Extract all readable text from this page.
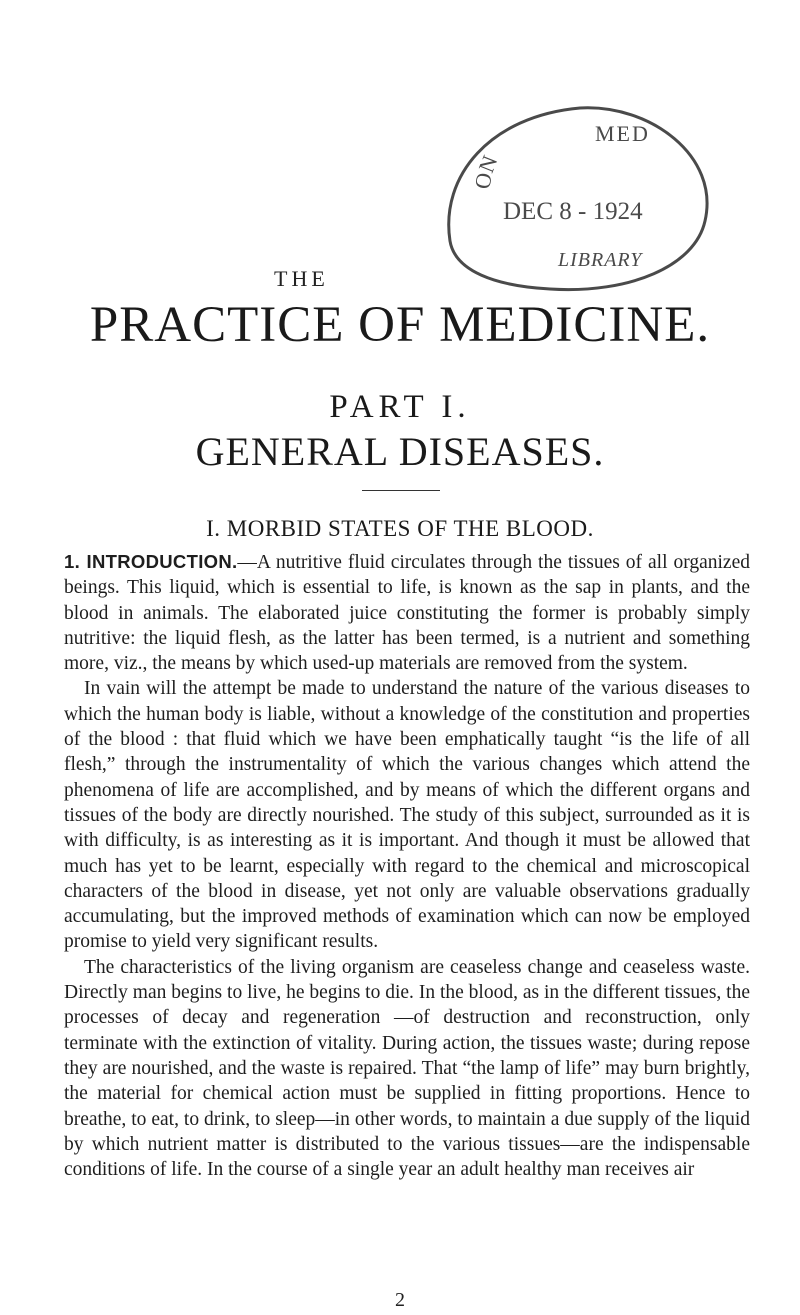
ON
MED
DEC 8 - 1924
LIBRARY
THE
PRACTICE OF MEDICINE.
PART I.
GENERAL DISEASES.
I. MORBID STATES OF THE BLOOD.

1. INTRODUCTION.—A nutritive fluid circulates through the tissues of all organized beings. This liquid, which is essential to life, is known as the sap in plants, and the blood in animals. The elaborated juice constituting the former is probably simply nutritive: the liquid flesh, as the latter has been termed, is a nutrient and something more, viz., the means by which used-up materials are removed from the system.

In vain will the attempt be made to understand the nature of the various diseases to which the human body is liable, without a knowledge of the constitution and properties of the blood : that fluid which we have been emphatically taught “is the life of all flesh,” through the instrumentality of which the various changes which attend the phenomena of life are accomplished, and by means of which the different organs and tissues of the body are directly nourished. The study of this subject, surrounded as it is with difficulty, is as interesting as it is important. And though it must be allowed that much has yet to be learnt, especially with regard to the chemical and microscopical characters of the blood in disease, yet not only are valuable observations gradually accumulating, but the improved methods of examination which can now be employed promise to yield very significant results.

The characteristics of the living organism are ceaseless change and ceaseless waste. Directly man begins to live, he begins to die. In the blood, as in the different tissues, the processes of decay and regeneration —of destruction and reconstruction, only terminate with the extinction of vitality. During action, the tissues waste; during repose they are nourished, and the waste is repaired. That “the lamp of life” may burn brightly, the material for chemical action must be supplied in fitting proportions. Hence to breathe, to eat, to drink, to sleep—in other words, to maintain a due supply of the liquid by which nutrient matter is distributed to the various tissues—are the indispensable conditions of life. In the course of a single year an adult healthy man receives air

2
